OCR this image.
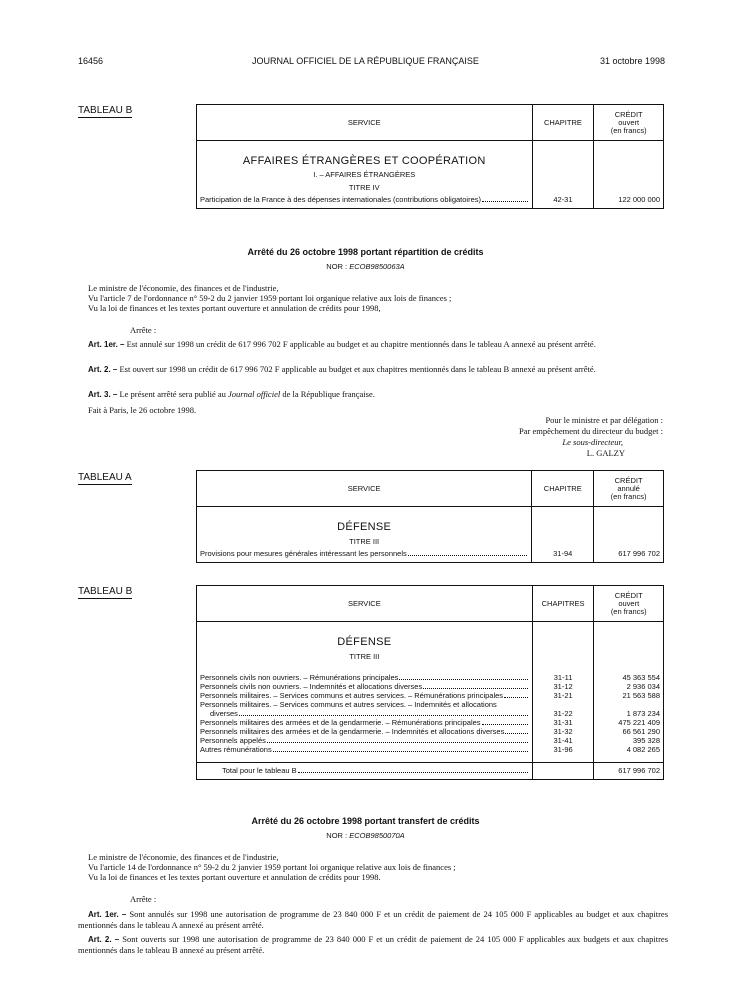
16456	JOURNAL OFFICIEL DE LA RÉPUBLIQUE FRANÇAISE	31 octobre 1998
TABLEAU B
SERVICE	CHAPITRE	CRÉDIT
ouvert
(en francs)

AFFAIRES ÉTRANGÈRES ET COOPÉRATION
I. – AFFAIRES ÉTRANGÈRES
TITRE IV		

Participation de la France à des dépenses internationales (contributions obligatoires)	42-31	122 000 000
Arrêté du 26 octobre 1998 portant répartition de crédits
NOR : ECOB9850063A
Le ministre de l'économie, des finances et de l'industrie,
Vu l'article 7 de l'ordonnance n° 59-2 du 2 janvier 1959 portant loi organique relative aux lois de finances ;
Vu la loi de finances et les textes portant ouverture et annulation de crédits pour 1998,
Arrête :
Art. 1er. – Est annulé sur 1998 un crédit de 617 996 702 F applicable au budget et au chapitre mentionnés dans le tableau A annexé au présent arrêté.
Art. 2. – Est ouvert sur 1998 un crédit de 617 996 702 F applicable au budget et aux chapitres mentionnés dans le tableau B annexé au présent arrêté.
Art. 3. – Le présent arrêté sera publié au Journal officiel de la République française.
Fait à Paris, le 26 octobre 1998.
Pour le ministre et par délégation :
Par empêchement du directeur du budget :
Le sous-directeur,
L. GALZY
TABLEAU A
SERVICE	CHAPITRE	CRÉDIT
annulé
(en francs)

DÉFENSE
TITRE III		

Provisions pour mesures générales intéressant les personnels	31-94	617 996 702
TABLEAU B
SERVICE	CHAPITRES	CRÉDIT
ouvert
(en francs)

DÉFENSE
TITRE III		

Personnels civils non ouvriers. – Rémunérations principales	31-11	45 363 554

Personnels civils non ouvriers. – Indemnités et allocations diverses	31-12	2 936 034

Personnels militaires. – Services communs et autres services. – Rémunérations principales	31-21	21 563 588

Personnels militaires. – Services communs et autres services. – Indemnités et allocations
diverses	31-22	1 873 234

Personnels militaires des armées et de la gendarmerie. – Rémunérations principales	31-31	475 221 409

Personnels militaires des armées et de la gendarmerie. – Indemnités et allocations diverses	31-32	66 561 290

Personnels appelés	31-41	395 328

Autres rémunérations	31-96	4 082 265

Total pour le tableau B		617 996 702
Arrêté du 26 octobre 1998 portant transfert de crédits
NOR : ECOB9850070A
Le ministre de l'économie, des finances et de l'industrie,
Vu l'article 14 de l'ordonnance n° 59-2 du 2 janvier 1959 portant loi organique relative aux lois de finances ;
Vu la loi de finances et les textes portant ouverture et annulation de crédits pour 1998.
Arrête :
Art. 1er. – Sont annulés sur 1998 une autorisation de programme de 23 840 000 F et un crédit de paiement de 24 105 000 F applicables au budget et aux chapitres mentionnés dans le tableau A annexé au présent arrêté.
Art. 2. – Sont ouverts sur 1998 une autorisation de programme de 23 840 000 F et un crédit de paiement de 24 105 000 F applicables aux budgets et aux chapitres mentionnés dans le tableau B annexé au présent arrêté.
